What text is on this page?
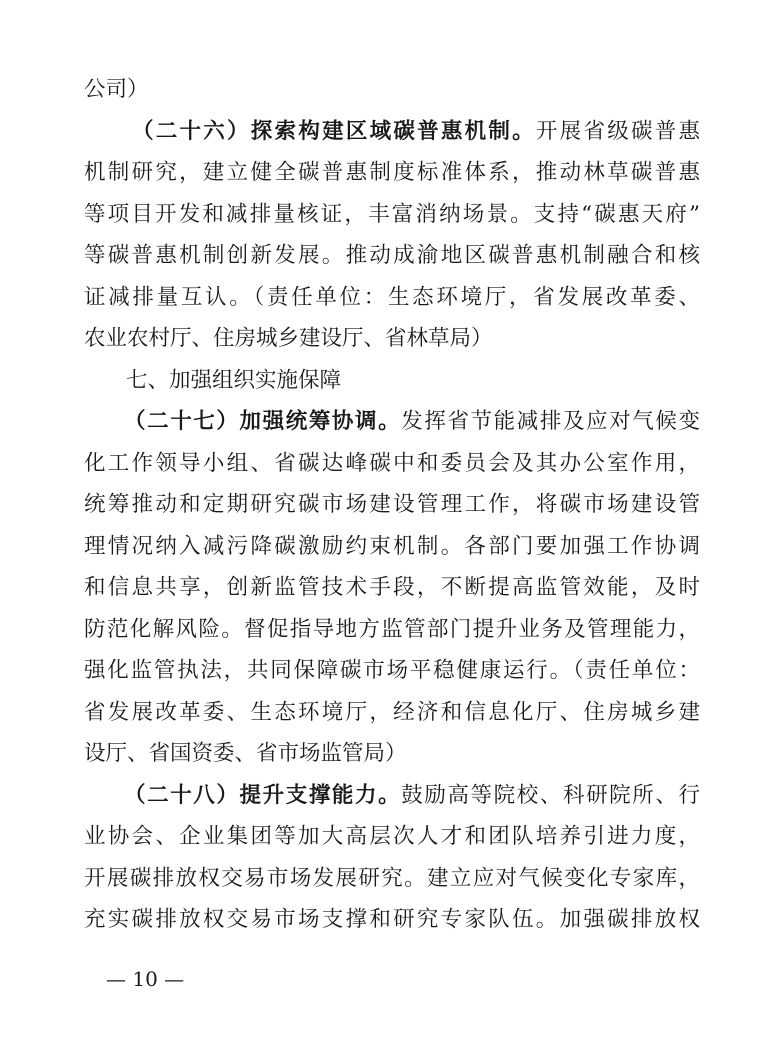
公司）
（二十六）探索构建区域碳普惠机制。开展省级碳普惠
机制研究，建立健全碳普惠制度标准体系，推动林草碳普惠
等项目开发和减排量核证，丰富消纳场景。支持“碳惠天府”
等碳普惠机制创新发展。推动成渝地区碳普惠机制融合和核
证减排量互认。（责任单位：生态环境厅，省发展改革委、
农业农村厅、住房城乡建设厅、省林草局）
七、加强组织实施保障
（二十七）加强统筹协调。发挥省节能减排及应对气候变
化工作领导小组、省碳达峰碳中和委员会及其办公室作用，
统筹推动和定期研究碳市场建设管理工作，将碳市场建设管
理情况纳入减污降碳激励约束机制。各部门要加强工作协调
和信息共享，创新监管技术手段，不断提高监管效能，及时
防范化解风险。督促指导地方监管部门提升业务及管理能力，
强化监管执法，共同保障碳市场平稳健康运行。（责任单位：
省发展改革委、生态环境厅，经济和信息化厅、住房城乡建
设厅、省国资委、省市场监管局）
（二十八）提升支撑能力。鼓励高等院校、科研院所、行
业协会、企业集团等加大高层次人才和团队培养引进力度，
开展碳排放权交易市场发展研究。建立应对气候变化专家库，
充实碳排放权交易市场支撑和研究专家队伍。加强碳排放权
— 10 —
